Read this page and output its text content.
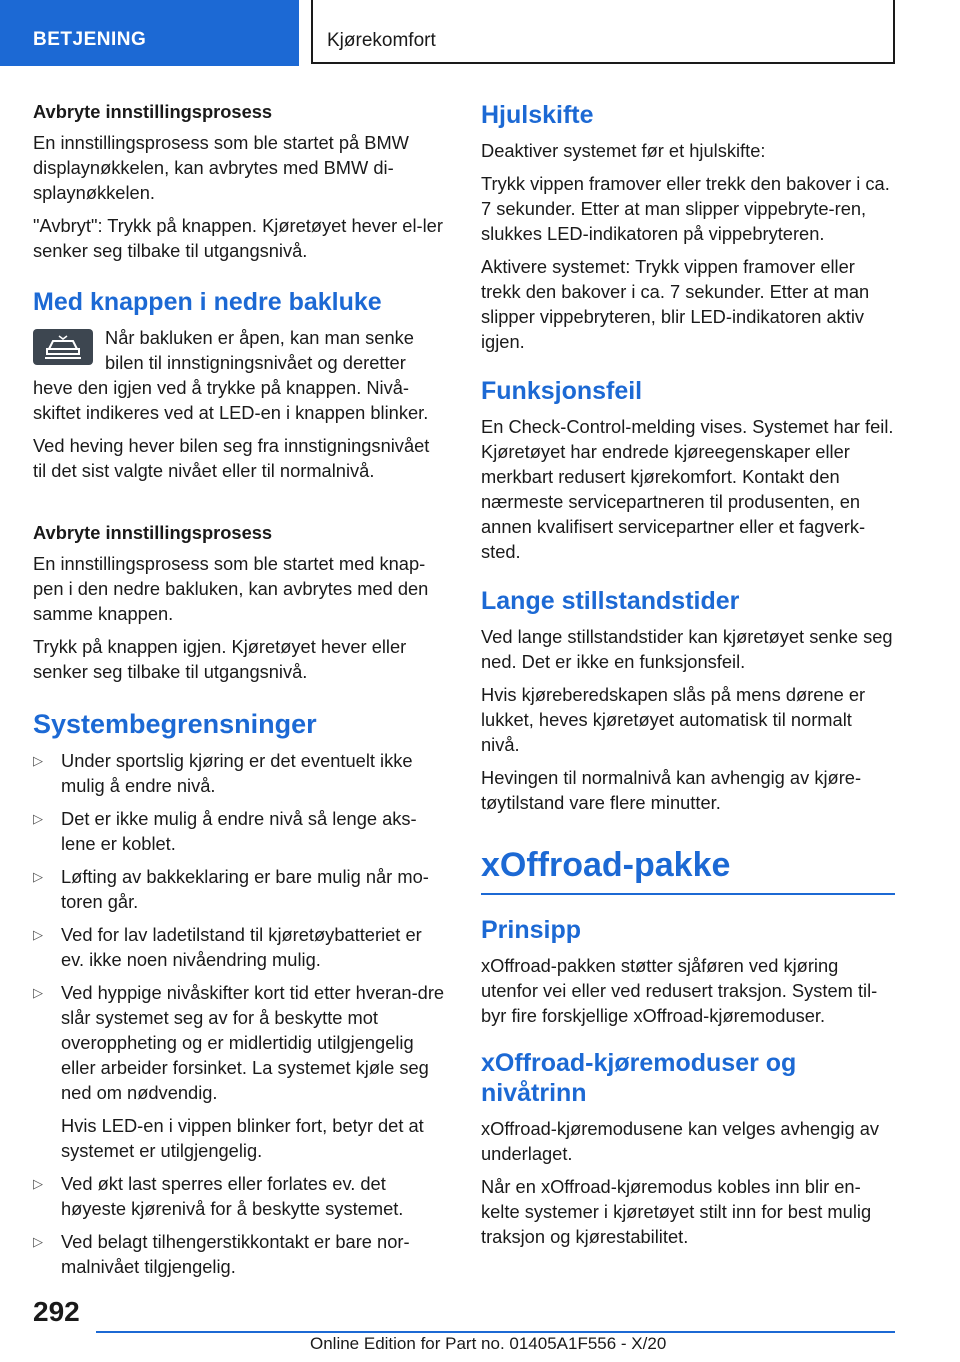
BETJENING	Kjørekomfort
Avbryte innstillingsprosess

En innstillingsprosess som ble startet på BMW displaynøkkelen, kan avbrytes med BMW di-splaynøkkelen.

"Avbryt": Trykk på knappen. Kjøretøyet hever el-ler senker seg tilbake til utgangsnivå.

Med knappen i nedre bakluke

Når bakluken er åpen, kan man senke bilen til innstigningsnivået og deretter heve den igjen ved å trykke på knappen. Nivå-skiftet indikeres ved at LED-en i knappen blinker.

Ved heving hever bilen seg fra innstigningsnivået til det sist valgte nivået eller til normalnivå.

Avbryte innstillingsprosess

En innstillingsprosess som ble startet med knap-pen i den nedre bakluken, kan avbrytes med den samme knappen.

Trykk på knappen igjen. Kjøretøyet hever eller senker seg tilbake til utgangsnivå.

Systembegrensninger
▷ Under sportslig kjøring er det eventuelt ikke mulig å endre nivå.
▷ Det er ikke mulig å endre nivå så lenge aks-lene er koblet.
▷ Løfting av bakkeklaring er bare mulig når mo-toren går.
▷ Ved for lav ladetilstand til kjøretøybatteriet er ev. ikke noen nivåendring mulig.
▷ Ved hyppige nivåskifter kort tid etter hveran-dre slår systemet seg av for å beskytte mot overoppheting og er midlertidig utilgjengelig eller arbeider forsinket. La systemet kjøle seg ned om nødvendig.
Hvis LED-en i vippen blinker fort, betyr det at systemet er utilgjengelig.
▷ Ved økt last sperres eller forlates ev. det høyeste kjørenivå for å beskytte systemet.
▷ Ved belagt tilhengerstikkontakt er bare nor-malnivået tilgjengelig.
Hjulskifte

Deaktiver systemet før et hjulskifte:

Trykk vippen framover eller trekk den bakover i ca. 7 sekunder. Etter at man slipper vippebryte-ren, slukkes LED-indikatoren på vippebryteren.

Aktivere systemet: Trykk vippen framover eller trekk den bakover i ca. 7 sekunder. Etter at man slipper vippebryteren, blir LED-indikatoren aktiv igjen.

Funksjonsfeil

En Check-Control-melding vises. Systemet har feil. Kjøretøyet har endrede kjøreegenskaper eller merkbart redusert kjørekomfort. Kontakt den nærmeste servicepartneren til produsenten, en annen kvalifisert servicepartner eller et fagverk-sted.

Lange stillstandstider

Ved lange stillstandstider kan kjøretøyet senke seg ned. Det er ikke en funksjonsfeil.

Hvis kjøreberedskapen slås på mens dørene er lukket, heves kjøretøyet automatisk til normalt nivå.

Hevingen til normalnivå kan avhengig av kjøre-tøytilstand vare flere minutter.

xOffroad-pakke
Prinsipp

xOffroad-pakken støtter sjåføren ved kjøring utenfor vei eller ved redusert traksjon. System til-byr fire forskjellige xOffroad-kjøremoduser.

xOffroad-kjøremoduser og nivåtrinn

xOffroad-kjøremodusene kan velges avhengig av underlaget.

Når en xOffroad-kjøremodus kobles inn blir en-kelte systemer i kjøretøyet stilt inn for best mulig traksjon og kjørestabilitet.

292
Online Edition for Part no. 01405A1F556 - X/20
